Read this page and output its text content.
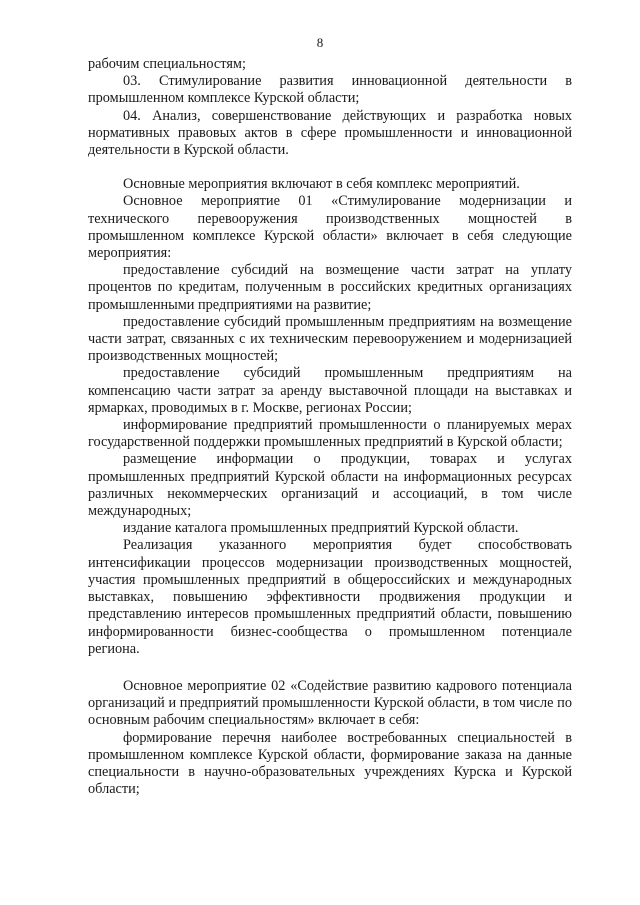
8

рабочим специальностям;

03. Стимулирование развития инновационной деятельности в промышленном комплексе Курской области;

04. Анализ, совершенствование действующих и разработка новых нормативных правовых актов в сфере промышленности и инновационной деятельности в Курской области.

Основные мероприятия включают в себя комплекс мероприятий.

Основное мероприятие 01 «Стимулирование модернизации и технического перевооружения производственных мощностей в промышленном комплексе Курской области» включает в себя следующие мероприятия:

предоставление субсидий на возмещение части затрат на уплату процентов по кредитам, полученным в российских кредитных организациях промышленными предприятиями на развитие;

предоставление субсидий промышленным предприятиям на возмещение части затрат, связанных с их техническим перевооружением и модернизацией производственных мощностей;

предоставление субсидий промышленным предприятиям на компенсацию части затрат за аренду выставочной площади на выставках и ярмарках, проводимых в г. Москве, регионах России;

информирование предприятий промышленности о планируемых мерах государственной поддержки промышленных предприятий в Курской области;

размещение информации о продукции, товарах и услугах промышленных предприятий Курской области на информационных ресурсах различных некоммерческих организаций и ассоциаций, в том числе международных;

издание каталога промышленных предприятий Курской области.

Реализация указанного мероприятия будет способствовать интенсификации процессов модернизации производственных мощностей, участия промышленных предприятий в общероссийских и международных выставках, повышению эффективности продвижения продукции и представлению интересов промышленных предприятий области, повышению информированности бизнес-сообщества о промышленном потенциале региона.

Основное мероприятие 02 «Содействие развитию кадрового потенциала организаций и предприятий промышленности Курской области, в том числе по основным рабочим специальностям» включает в себя:

формирование перечня наиболее востребованных специальностей в промышленном комплексе Курской области, формирование заказа на данные специальности в научно-образовательных учреждениях Курска и Курской области;
